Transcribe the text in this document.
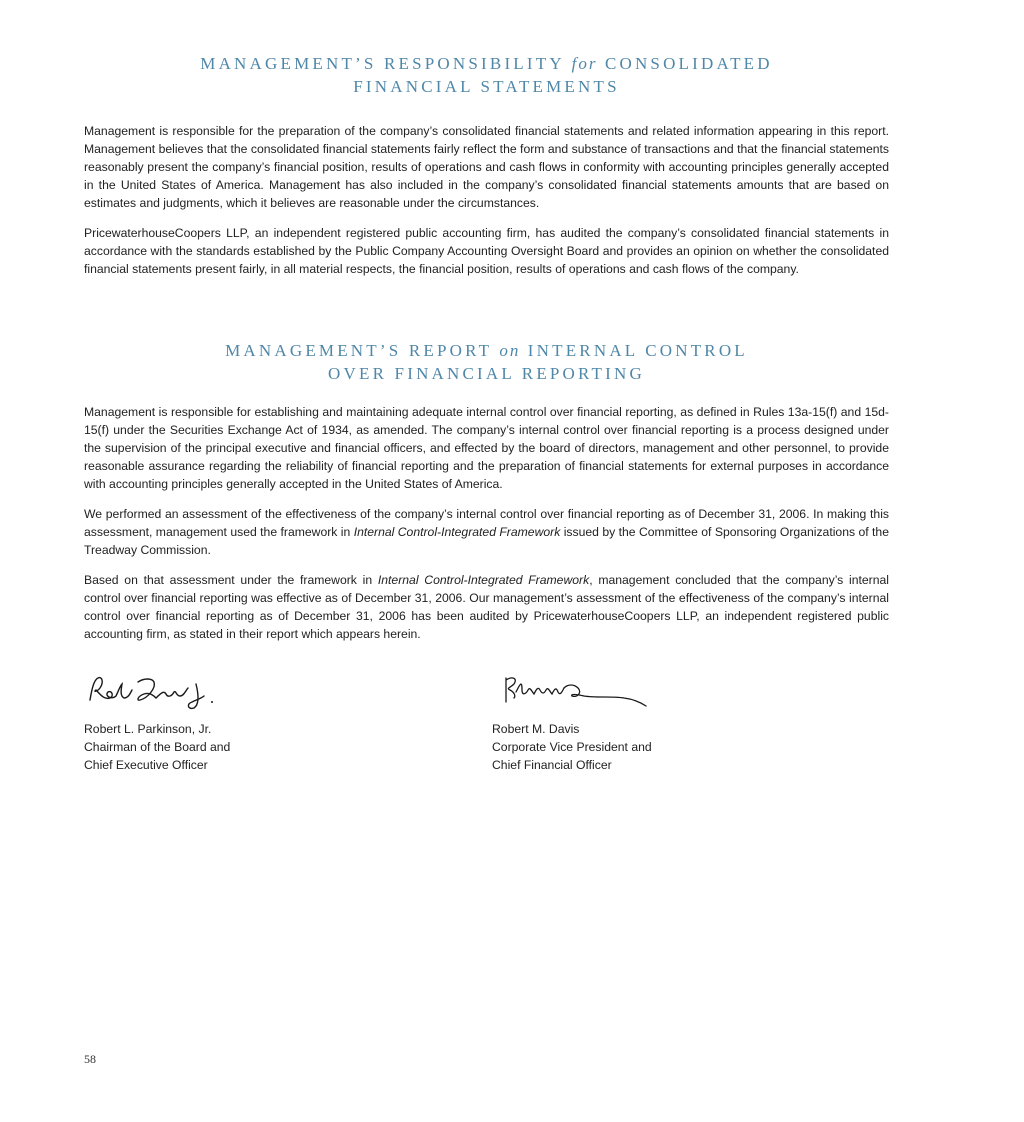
MANAGEMENT’S RESPONSIBILITY for CONSOLIDATED
FINANCIAL STATEMENTS

Management is responsible for the preparation of the company’s consolidated financial statements and related information appearing in this report. Management believes that the consolidated financial statements fairly reflect the form and substance of transactions and that the financial statements reasonably present the company’s financial position, results of operations and cash flows in conformity with accounting principles generally accepted in the United States of America. Management has also included in the company’s consolidated financial statements amounts that are based on estimates and judgments, which it believes are reasonable under the circumstances.

PricewaterhouseCoopers LLP, an independent registered public accounting firm, has audited the company’s consolidated financial statements in accordance with the standards established by the Public Company Accounting Oversight Board and provides an opinion on whether the consolidated financial statements present fairly, in all material respects, the financial position, results of operations and cash flows of the company.

MANAGEMENT’S REPORT on INTERNAL CONTROL
OVER FINANCIAL REPORTING

Management is responsible for establishing and maintaining adequate internal control over financial reporting, as defined in Rules 13a-15(f) and 15d-15(f) under the Securities Exchange Act of 1934, as amended. The company’s internal control over financial reporting is a process designed under the supervision of the principal executive and financial officers, and effected by the board of directors, management and other personnel, to provide reasonable assurance regarding the reliability of financial reporting and the preparation of financial statements for external purposes in accordance with accounting principles generally accepted in the United States of America.

We performed an assessment of the effectiveness of the company’s internal control over financial reporting as of December 31, 2006. In making this assessment, management used the framework in Internal Control-Integrated Framework issued by the Committee of Sponsoring Organizations of the Treadway Commission.

Based on that assessment under the framework in Internal Control-Integrated Framework, management concluded that the company’s internal control over financial reporting was effective as of December 31, 2006. Our management’s assessment of the effectiveness of the company’s internal control over financial reporting as of December 31, 2006 has been audited by PricewaterhouseCoopers LLP, an independent registered public accounting firm, as stated in their report which appears herein.

Robert L. Parkinson, Jr.
Chairman of the Board and
Chief Executive Officer
Robert M. Davis
Corporate Vice President and
Chief Financial Officer
58
